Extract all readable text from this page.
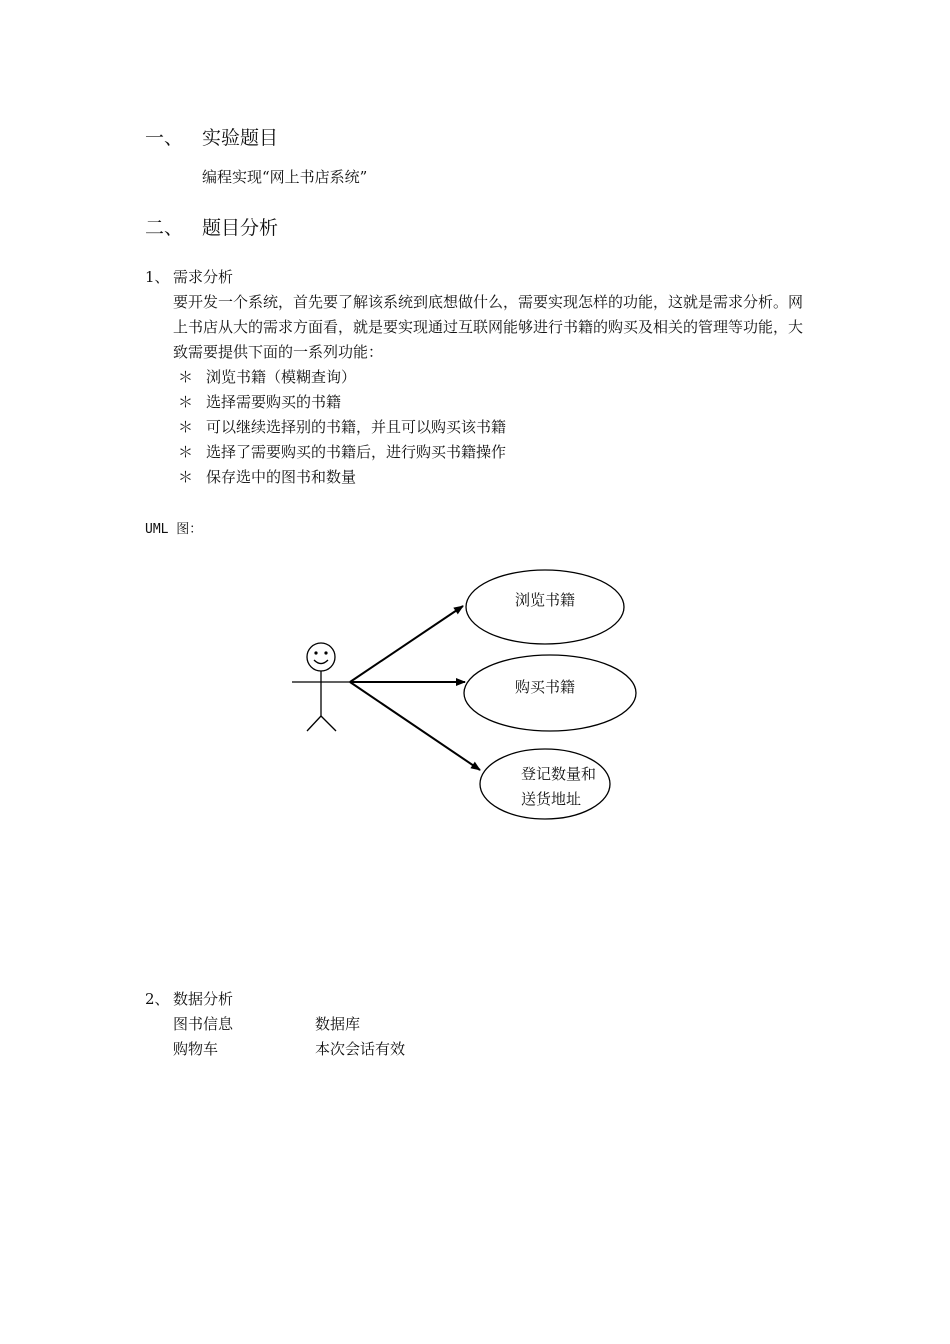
一、 实验题目
编程实现“网上书店系统”
二、 题目分析
1、 需求分析
要开发一个系统，首先要了解该系统到底想做什么，需要实现怎样的功能，这就是需求分析。网上书店从大的需求方面看，就是要实现通过互联网能够进行书籍的购买及相关的管理等功能，大致需要提供下面的一系列功能：
＊ 浏览书籍（模糊查询）
＊ 选择需要购买的书籍
＊ 可以继续选择别的书籍，并且可以购买该书籍
＊ 选择了需要购买的书籍后，进行购买书籍操作
＊ 保存选中的图书和数量
UML 图：
浏览书籍
购买书籍
登记数量和
送货地址
2、 数据分析
图书信息	数据库
购物车	本次会话有效
